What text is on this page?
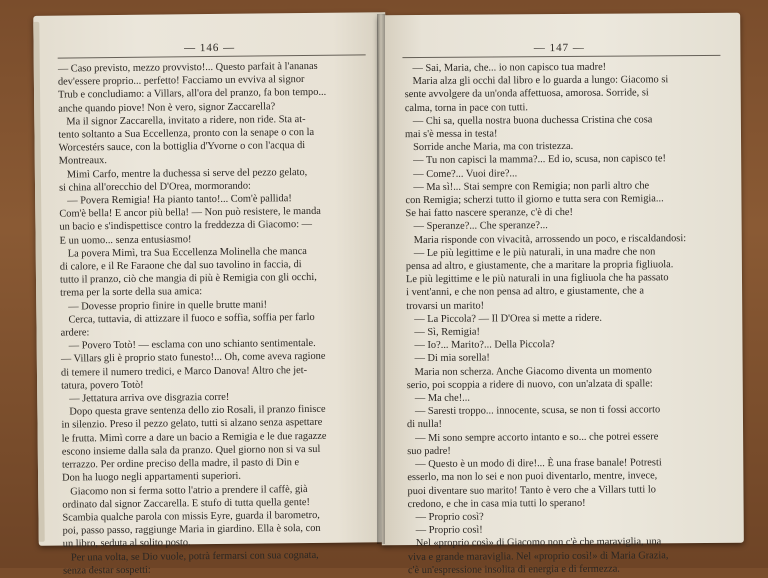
— 146 —
— Caso previsto, mezzo provvisto!... Questo parfait à l'ananas
dev'essere proprio... perfetto! Facciamo un evviva al signor
Trub e concludiamo: a Villars, all'ora del pranzo, fa bon tempo...
anche quando piove! Non è vero, signor Zaccarella?
Ma il signor Zaccarella, invitato a ridere, non ride. Sta at-
tento soltanto a Sua Eccellenza, pronto con la senape o con la
Worcestérs sauce, con la bottiglia d'Yvorne o con l'acqua di
Montreaux.
Mimì Carfo, mentre la duchessa si serve del pezzo gelato,
si china all'orecchio del D'Orea, mormorando:
— Povera Remigia! Ha pianto tanto!... Com'è pallida!
Com'è bella! E ancor più bella! — Non può resistere, le manda
un bacio e s'indispettisce contro la freddezza di Giacomo: —
E un uomo... senza entusiasmo!
La povera Mimì, tra Sua Eccellenza Molinella che manca
di calore, e il Re Faraone che dal suo tavolino in faccia, di
tutto il pranzo, ciò che mangia di più è Remigia con gli occhi,
trema per la sorte della sua amica:
— Dovesse proprio finire in quelle brutte mani!
Cerca, tuttavia, di attizzare il fuoco e soffia, soffia per farlo
ardere:
— Povero Totò! — esclama con uno schianto sentimentale.
— Villars gli è proprio stato funesto!... Oh, come aveva ragione
di temere il numero tredici, e Marco Danova! Altro che jet-
tatura, povero Totò!
— Jettatura arriva ove disgrazia corre!
Dopo questa grave sentenza dello zio Rosali, il pranzo finisce
in silenzio. Preso il pezzo gelato, tutti si alzano senza aspettare
le frutta. Mimì corre a dare un bacio a Remigia e le due ragazze
escono insieme dalla sala da pranzo. Quel giorno non si va sul
terrazzo. Per ordine preciso della madre, il pasto di Din e
Don ha luogo negli appartamenti superiori.
Giacomo non si ferma sotto l'atrio a prendere il caffè, già
ordinato dal signor Zaccarella. E stufo di tutta quella gente!
Scambia qualche parola con missis Eyre, guarda il barometro,
poi, passo passo, raggiunge Maria in giardino. Ella è sola, con
un libro, seduta al solito posto.
Per una volta, se Dio vuole, potrà fermarsi con sua cognata,
senza destar sospetti:
— 147 —
— Sai, Maria, che... io non capisco tua madre!
Maria alza gli occhi dal libro e lo guarda a lungo: Giacomo si
sente avvolgere da un'onda affettuosa, amorosa. Sorride, si
calma, torna in pace con tutti.
— Chi sa, quella nostra buona duchessa Cristina che cosa
mai s'è messa in testa!
Sorride anche Maria, ma con tristezza.
— Tu non capisci la mamma?... Ed io, scusa, non capisco te!
— Come?... Vuoi dire?...
— Ma sì!... Stai sempre con Remigia; non parli altro che
con Remigia; scherzi tutto il giorno e tutta sera con Remigia...
Se hai fatto nascere speranze, c'è di che!
— Speranze?... Che speranze?...
Maria risponde con vivacità, arrossendo un poco, e riscaldandosi:
— Le più legittime e le più naturali, in una madre che non
pensa ad altro, e giustamente, che a maritare la propria figliuola.
Le più legittime e le più naturali in una figliuola che ha passato
i vent'anni, e che non pensa ad altro, e giustamente, che a
trovarsi un marito!
— La Piccola? — Il D'Orea si mette a ridere.
— Sì, Remigia!
— Io?... Marito?... Della Piccola?
— Di mia sorella!
Maria non scherza. Anche Giacomo diventa un momento
serio, poi scoppia a ridere di nuovo, con un'alzata di spalle:
— Ma che!...
— Saresti troppo... innocente, scusa, se non ti fossi accorto
di nulla!
— Mi sono sempre accorto intanto e so... che potrei essere
suo padre!
— Questo è un modo di dire!... È una frase banale! Potresti
esserlo, ma non lo sei e non puoi diventarlo, mentre, invece,
puoi diventare suo marito! Tanto è vero che a Villars tutti lo
credono, e che in casa mia tutti lo sperano!
— Proprio così?
— Proprio così!
Nel «proprio così» di Giacomo non c'è che maraviglia, una
viva e grande maraviglia. Nel «proprio così!» di Maria Grazia,
c'è un'espressione insolita di energia e di fermezza.
